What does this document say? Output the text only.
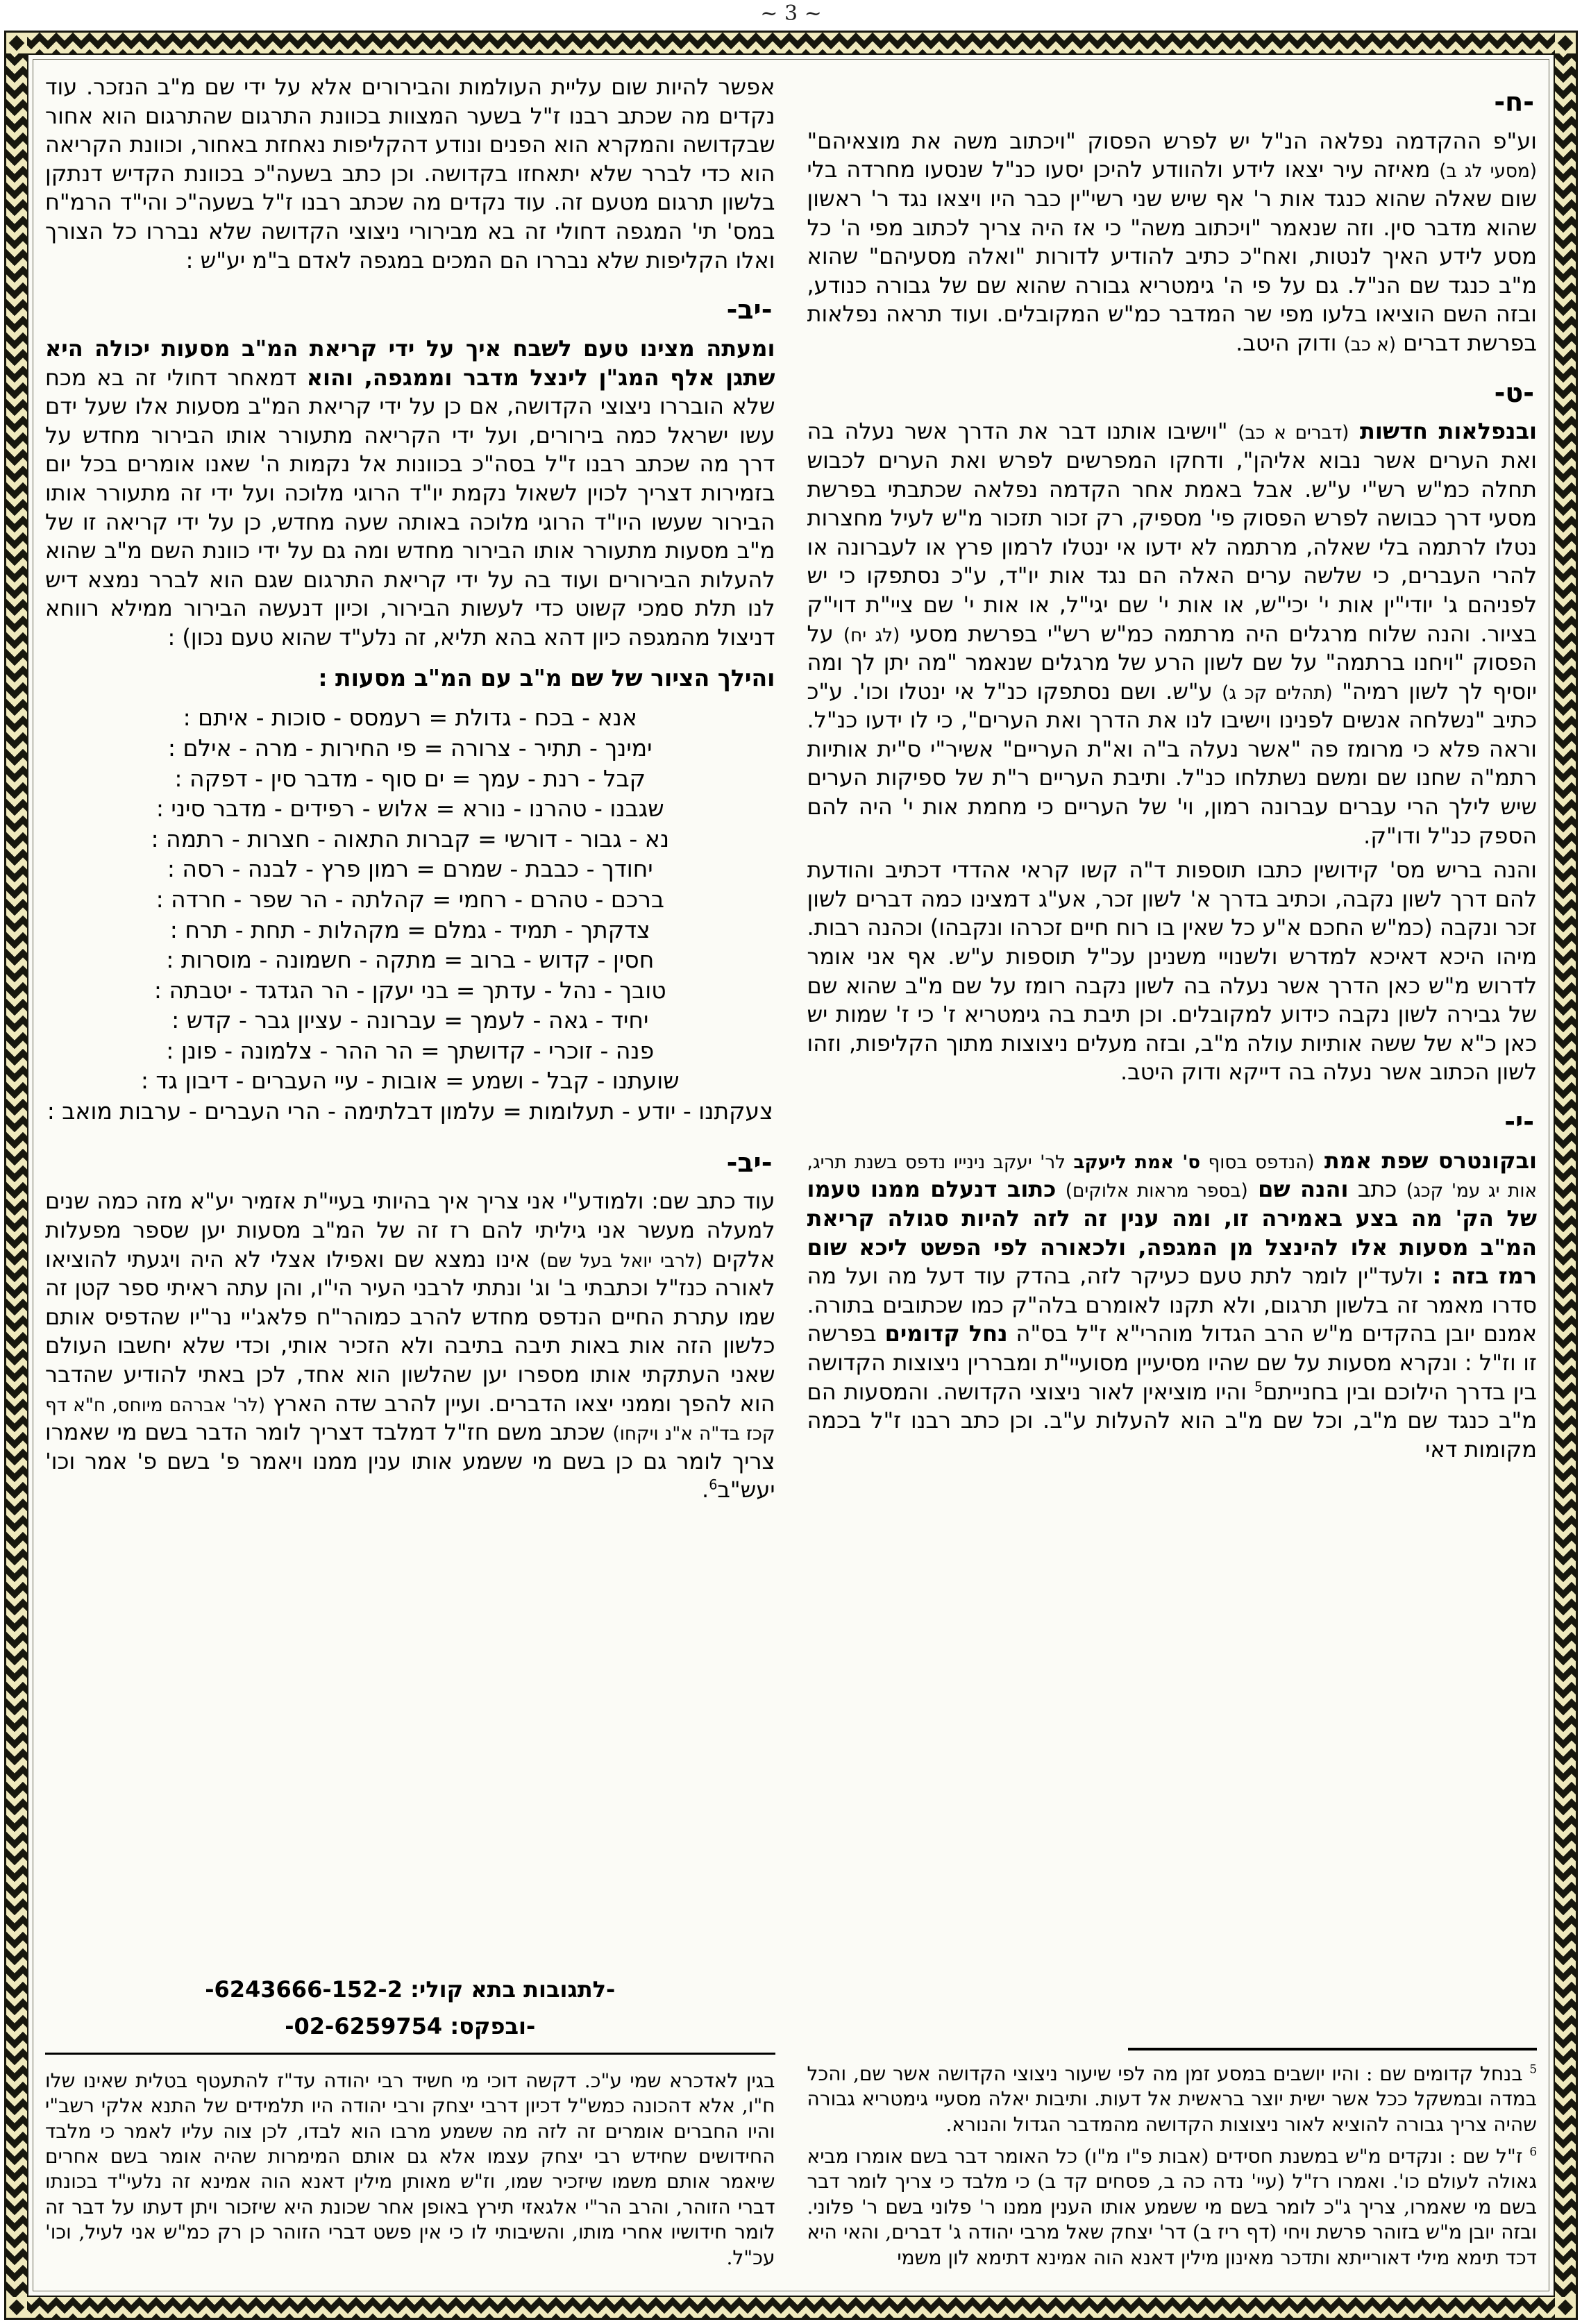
~ 3 ~
-ח-
וע"פ ההקדמה נפלאה הנ"ל יש לפרש הפסוק "ויכתוב משה את מוצאיהם" (מסעי לג ב) מאיזה עיר יצאו לידע ולהוודע להיכן יסעו כנ"ל שנסעו מחרדה בלי שום שאלה שהוא כנגד אות ר' אף שיש שני רשי"ין כבר היו ויצאו נגד ר' ראשון שהוא מדבר סין. וזה שנאמר "ויכתוב משה" כי אז היה צריך לכתוב מפי ה' כל מסע לידע האיך לנטות, ואח"כ כתיב להודיע לדורות "ואלה מסעיהם" שהוא מ"ב כנגד שם הנ"ל. גם על פי ה' גימטריא גבורה שהוא שם של גבורה כנודע, ובזה השם הוציאו בלעו מפי שר המדבר כמ"ש המקובלים. ועוד תראה נפלאות בפרשת דברים (א כב) ודוק היטב.
-ט-
ובנפלאות חדשות (דברים א כב) "וישיבו אותנו דבר את הדרך אשר נעלה בה ואת הערים אשר נבוא אליהן", ודחקו המפרשים לפרש ואת הערים לכבוש תחלה כמ"ש רש"י ע"ש. אבל באמת אחר הקדמה נפלאה שכתבתי בפרשת מסעי דרך כבושה לפרש הפסוק פי' מספיק, רק זכור תזכור מ"ש לעיל מחצרות נטלו לרתמה בלי שאלה, מרתמה לא ידעו אי ינטלו לרמון פרץ או לעברונה או להרי העברים, כי שלשה ערים האלה הם נגד אות יו"ד, ע"כ נסתפקו כי יש לפניהם ג' יודי"ין אות י' יכי"ש, או אות י' שם יגי"ל, או אות י' שם ציי"ת דוי"ק בציור. והנה שלוח מרגלים היה מרתמה כמ"ש רש"י בפרשת מסעי (לג יח) על הפסוק "ויחנו ברתמה" על שם לשון הרע של מרגלים שנאמר "מה יתן לך ומה יוסיף לך לשון רמיה" (תהלים קכ ג) ע"ש. ושם נסתפקו כנ"ל אי ינטלו וכו'. ע"כ כתיב "נשלחה אנשים לפנינו וישיבו לנו את הדרך ואת הערים", כי לו ידעו כנ"ל. וראה פלא כי מרומז פה "אשר נעלה ב"ה וא"ת העריים" אשיר"י ס"ית אותיות רתמ"ה שחנו שם ומשם נשתלחו כנ"ל. ותיבת העריים ר"ת של ספיקות הערים שיש לילך הרי עברים עברונה רמון, וי' של העריים כי מחמת אות י' היה להם הספק כנ"ל ודו"ק.
והנה בריש מס' קידושין כתבו תוספות ד"ה קשו קראי אהדדי דכתיב והודעת להם דרך לשון נקבה, וכתיב בדרך א' לשון זכר, אע"ג דמצינו כמה דברים לשון זכר ונקבה (כמ"ש החכם א"ע כל שאין בו רוח חיים זכרהו ונקבהו) וכהנה רבות. מיהו היכא דאיכא למדרש ולשנויי משנינן עכ"ל תוספות ע"ש. אף אני אומר לדרוש מ"ש כאן הדרך אשר נעלה בה לשון נקבה רומז על שם מ"ב שהוא שם של גבירה לשון נקבה כידוע למקובלים. וכן תיבת בה גימטריא ז' כי ז' שמות יש כאן כ"א של ששה אותיות עולה מ"ב, ובזה מעלים ניצוצות מתוך הקליפות, וזהו לשון הכתוב אשר נעלה בה דייקא ודוק היטב.
-י-
ובקונטרס שפת אמת (הנדפס בסוף ס' אמת ליעקב לר' יעקב נינייו נדפס בשנת תריג, אות יג עמ' קכג) כתב והנה שם (בספר מראות אלוקים) כתוב דנעלם ממנו טעמו של הק' מה בצע באמירה זו, ומה ענין זה לזה להיות סגולה קריאת המ"ב מסעות אלו להינצל מן המגפה, ולכאורה לפי הפשט ליכא שום רמז בזה : ולעד"ין לומר לתת טעם כעיקר לזה, בהדק עוד דעל מה ועל מה סדרו מאמר זה בלשון תרגום, ולא תקנו לאומרם בלה"ק כמו שכתובים בתורה. אמנם יובן בהקדים מ"ש הרב הגדול מוהרי"א ז"ל בס"ה נחל קדומים בפרשה זו וז"ל : ונקרא מסעות על שם שהיו מסיעיין מסועיי"ת ומבררין ניצוצות הקדושה בין בדרך הילוכם ובין בחנייתם$^5$ והיו מוציאין לאור ניצוצי הקדושה. והמסעות הם מ"ב כנגד שם מ"ב, וכל שם מ"ב הוא להעלות ע"ב. וכן כתב רבנו ז"ל בכמה מקומות דאי
$^5$ בנחל קדומים שם : והיו יושבים במסע זמן מה לפי שיעור ניצוצי הקדושה אשר שם, והכל במדה ובמשקל ככל אשר ישית יוצר בראשית אל דעות. ותיבות יאלה מסעיי גימטריא גבורה שהיה צריך גבורה להוציא לאור ניצוצות הקדושה מהמדבר הגדול והנורא.
$^6$ ז"ל שם : ונקדים מ"ש במשנת חסידים (אבות פ"ו מ"ו) כל האומר דבר בשם אומרו מביא גאולה לעולם כו'. ואמרו רז"ל (עיי' נדה כה ב, פסחים קד ב) כי מלבד כי צריך לומר דבר בשם מי שאמרו, צריך ג"כ לומר בשם מי ששמע אותו הענין ממנו ר' פלוני בשם ר' פלוני. ובזה יובן מ"ש בזוהר פרשת ויחי (דף ריז ב) דר' יצחק שאל מרבי יהודה ג' דברים, והאי היא דכד תימא מילי דאורייתא ותדכר מאינון מילין דאנא הוה אמינא דתימא לון משמי
אפשר להיות שום עליית העולמות והבירורים אלא על ידי שם מ"ב הנזכר. עוד נקדים מה שכתב רבנו ז"ל בשער המצוות בכוונת התרגום שהתרגום הוא אחור שבקדושה והמקרא הוא הפנים ונודע דהקליפות נאחזת באחור, וכוונת הקריאה הוא כדי לברר שלא יתאחזו בקדושה. וכן כתב בשעה"כ בכוונת הקדיש דנתקן בלשון תרגום מטעם זה. עוד נקדים מה שכתב רבנו ז"ל בשעה"כ והי"ד הרמ"ח במס' תי' המגפה דחולי זה בא מבירורי ניצוצי הקדושה שלא נבררו כל הצורך ואלו הקליפות שלא נבררו הם המכים במגפה לאדם ב"מ יע"ש :
-יב-
ומעתה מצינו טעם לשבח איך על ידי קריאת המ"ב מסעות יכולה היא שתגן אלף המג"ן לינצל מדבר וממגפה, והוא דמאחר דחולי זה בא מכח שלא הובררו ניצוצי הקדושה, אם כן על ידי קריאת המ"ב מסעות אלו שעל ידם עשו ישראל כמה בירורים, ועל ידי הקריאה מתעורר אותו הבירור מחדש על דרך מה שכתב רבנו ז"ל בסה"כ בכוונות אל נקמות ה' שאנו אומרים בכל יום בזמירות דצריך לכוין לשאול נקמת יו"ד הרוגי מלוכה ועל ידי זה מתעורר אותו הבירור שעשו היו"ד הרוגי מלוכה באותה שעה מחדש, כן על ידי קריאה זו של מ"ב מסעות מתעורר אותו הבירור מחדש ומה גם על ידי כוונת השם מ"ב שהוא להעלות הבירורים ועוד בה על ידי קריאת התרגום שגם הוא לברר נמצא דיש לנו תלת סמכי קשוט כדי לעשות הבירור, וכיון דנעשה הבירור ממילא רווחא דניצול מהמגפה כיון דהא בהא תליא, זה נלע"ד שהוא טעם נכון) :
והילך הציור של שם מ"ב עם המ"ב מסעות :
אנא - בכח - גדולת = רעמסס - סוכות - איתם :
ימינך - תתיר - צרורה = פי החירות - מרה - אילם :
קבל - רנת - עמך = ים סוף - מדבר סין - דפקה :
שגבנו - טהרנו - נורא = אלוש - רפידים - מדבר סיני :
נא - גבור - דורשי = קברות התאוה - חצרות - רתמה :
יחודך - כבבת - שמרם = רמון פרץ - לבנה - רסה :
ברכם - טהרם - רחמי = קהלתה - הר שפר - חרדה :
צדקתך - תמיד - גמלם = מקהלות - תחת - תרח :
חסין - קדוש - ברוב = מתקה - חשמונה - מוסרות :
טובך - נהל - עדתך = בני יעקן - הר הגדגד - יטבתה :
יחיד - גאה - לעמך = עברונה - עציון גבר - קדש :
פנה - זוכרי - קדושתך = הר ההר - צלמונה - פונן :
שועתנו - קבל - ושמע = אובות - עיי העברים - דיבון גד :
צעקתנו - יודע - תעלומות = עלמון דבלתימה - הרי העברים - ערבות מואב :
-יב-
עוד כתב שם: ולמודע"י אני צריך איך בהיותי בעיי"ת אזמיר יע"א מזה כמה שנים למעלה מעשר אני גיליתי להם רז זה של המ"ב מסעות יען שספר מפעלות אלקים (לרבי יואל בעל שם) אינו נמצא שם ואפילו אצלי לא היה ויגעתי להוציאו לאורה כנז"ל וכתבתי ב' וג' ונתתי לרבני העיר הי"ו, והן עתה ראיתי ספר קטן זה שמו עתרת החיים הנדפס מחדש להרב כמוהר"ח פלאג'יי נר"יו שהדפיס אותם כלשון הזה אות באות תיבה בתיבה ולא הזכיר אותי, וכדי שלא יחשבו העולם שאני העתקתי אותו מספרו יען שהלשון הוא אחד, לכן באתי להודיע שהדבר הוא להפך וממני יצאו הדברים. ועיין להרב שדה הארץ (לר' אברהם מיוחס, ח"א דף קכז בד"ה א"נ ויקחו) שכתב משם חז"ל דמלבד דצריך לומר הדבר בשם מי שאמרו צריך לומר גם כן בשם מי ששמע אותו ענין ממנו ויאמר פ' בשם פ' אמר וכו' יעש"ב$^6$.
-לתגובות בתא קולי: 6243666-152-2-
-ובפקס: 02-6259754-
בגין לאדכרא שמי ע"כ. דקשה דוכי מי חשיד רבי יהודה עד"ז להתעטף בטלית שאינו שלו ח"ו, אלא דהכונה כמש"ל דכיון דרבי יצחק ורבי יהודה היו תלמידים של התנא אלקי רשב"י והיו החברים אומרים זה לזה מה ששמע מרבו הוא לבדו, לכן צוה עליו לאמר כי מלבד החידושים שחידש רבי יצחק עצמו אלא גם אותם המימרות שהיה אומר בשם אחרים שיאמר אותם משמו שיזכיר שמו, וז"ש מאותן מילין דאנא הוה אמינא זה נלעי"ד בכונתו דברי הזוהר, והרב הר"י אלגאזי תירץ באופן אחר שכונת היא שיזכור ויתן דעתו על דבר זה לומר חידושיו אחרי מותו, והשיבותי לו כי אין פשט דברי הזוהר כן רק כמ"ש אני לעיל, וכו' עכ"ל.
